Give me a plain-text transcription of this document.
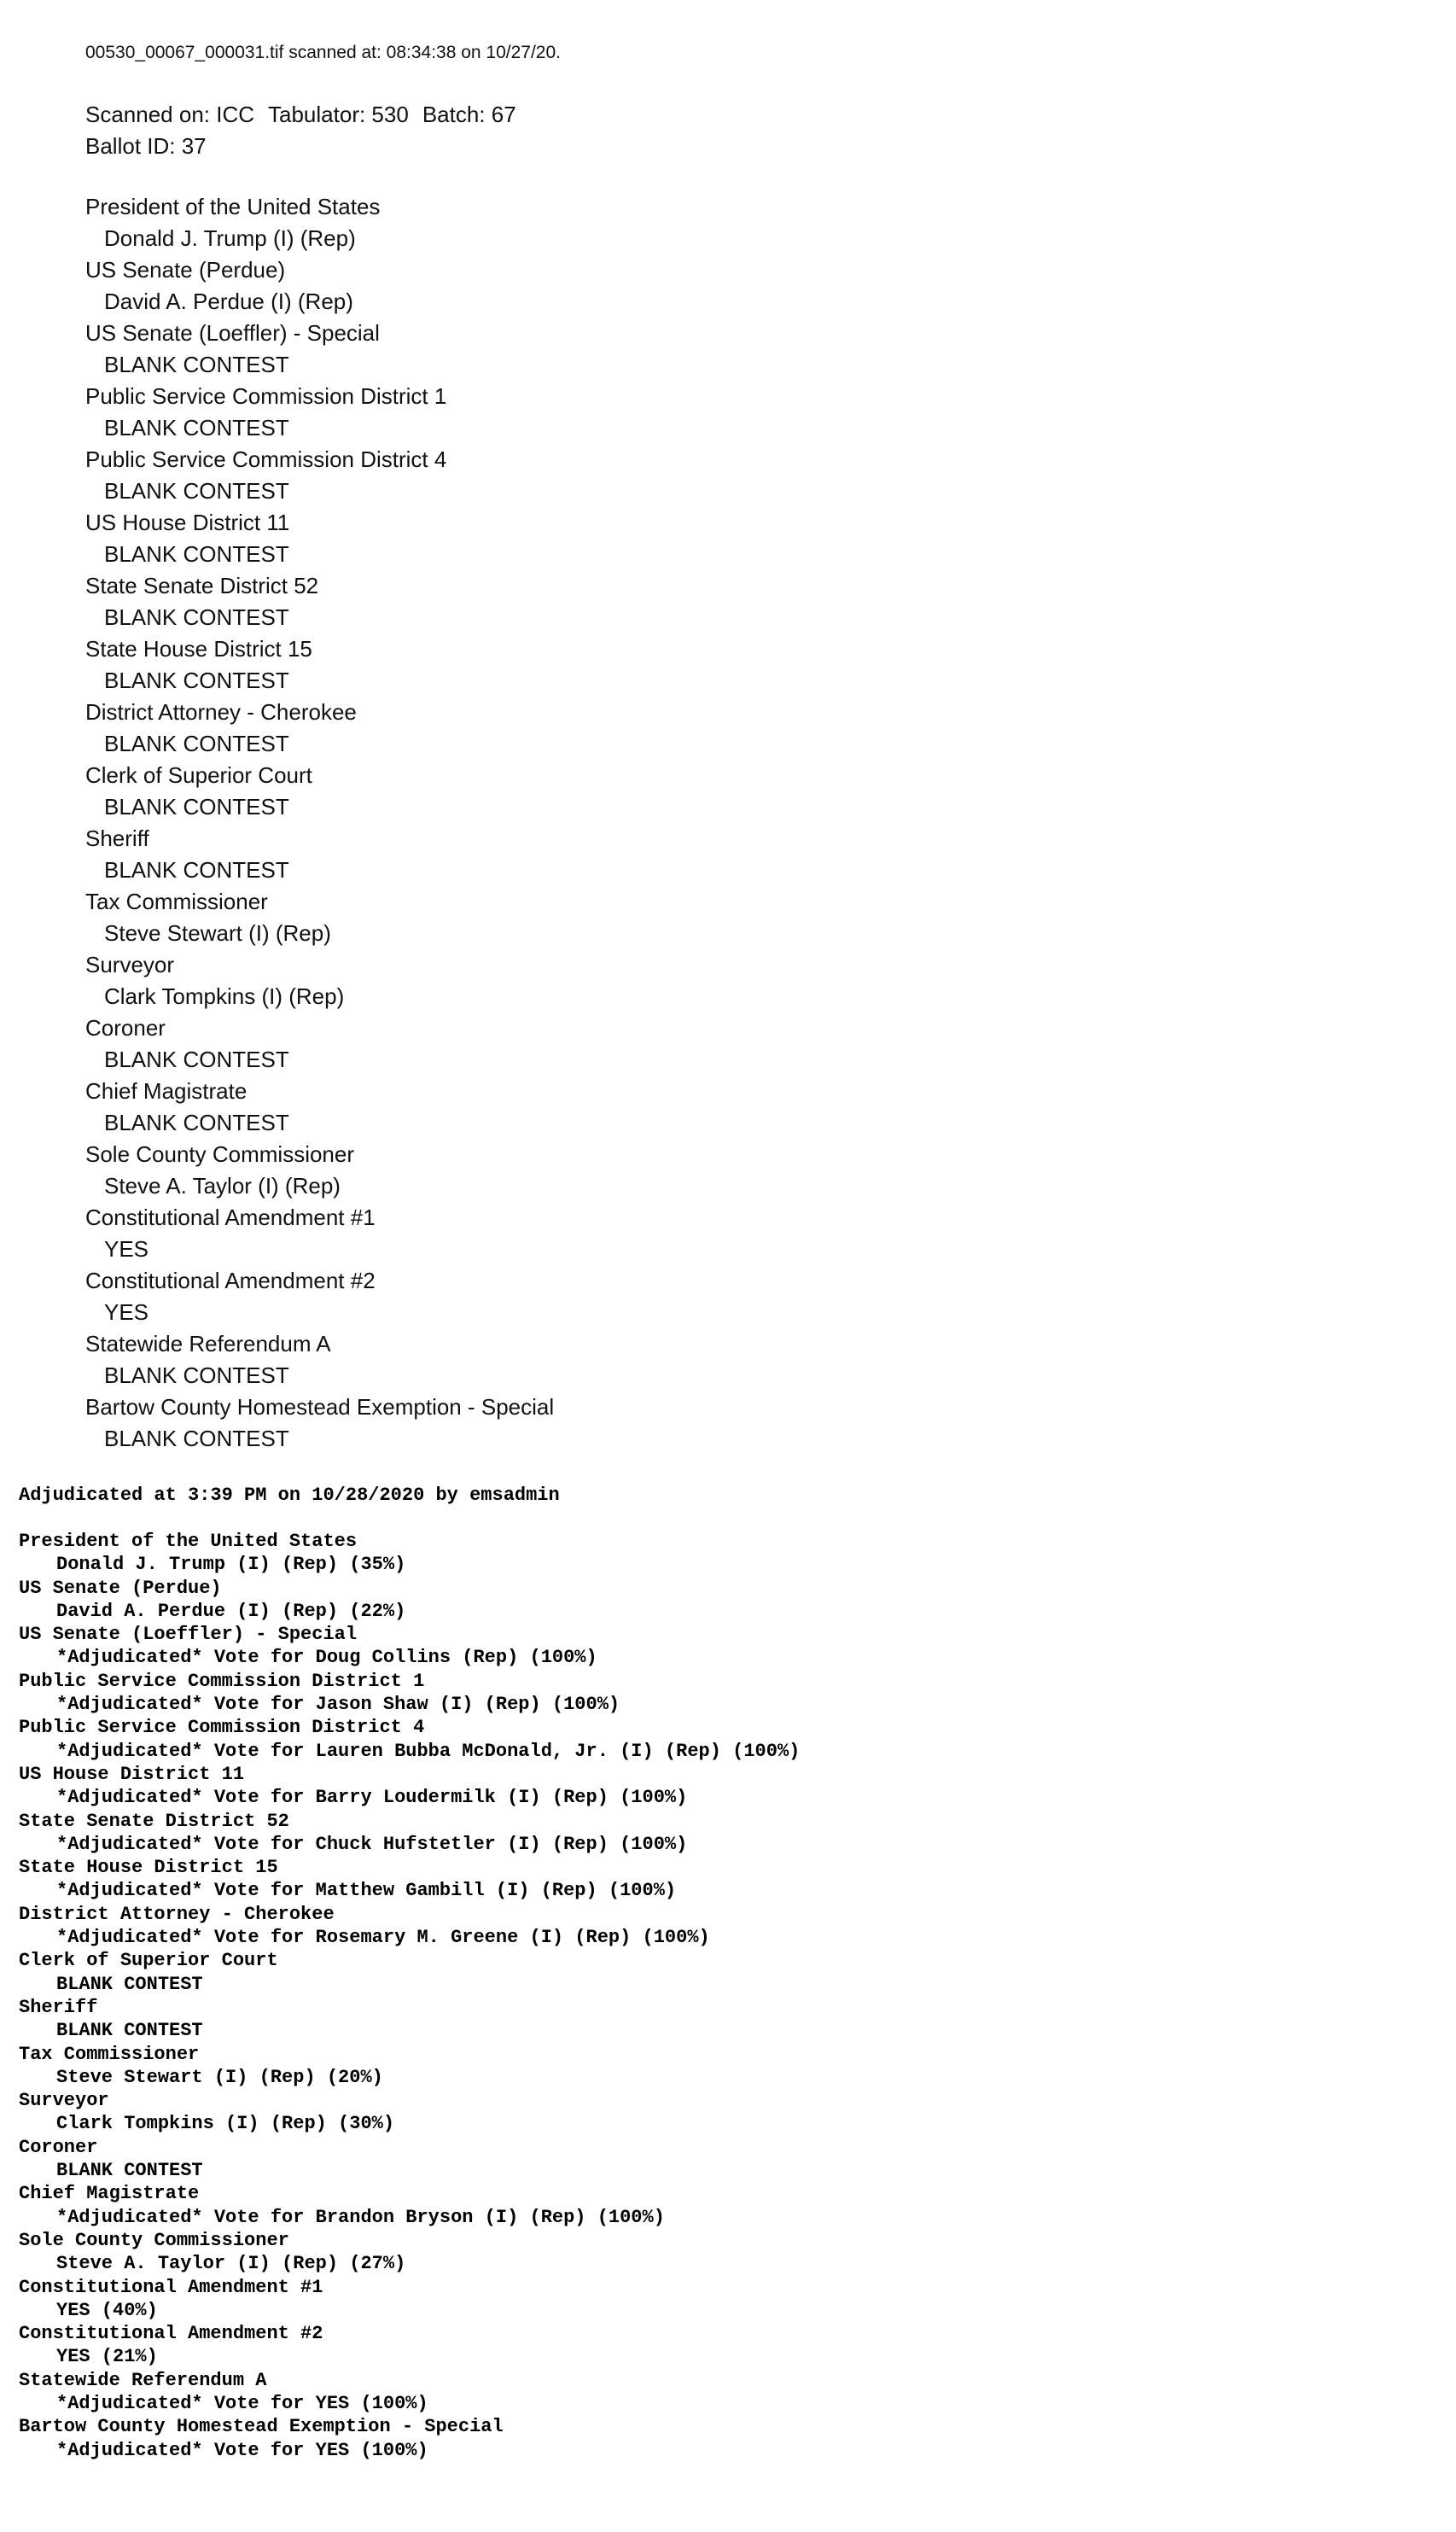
00530_00067_000031.tif scanned at: 08:34:38 on 10/27/20.
Scanned on: ICC Tabulator: 530 Batch: 67
Ballot ID: 37
President of the United States
Donald J. Trump (I) (Rep)
US Senate (Perdue)
David A. Perdue (I) (Rep)
US Senate (Loeffler) - Special
BLANK CONTEST
Public Service Commission District 1
BLANK CONTEST
Public Service Commission District 4
BLANK CONTEST
US House District 11
BLANK CONTEST
State Senate District 52
BLANK CONTEST
State House District 15
BLANK CONTEST
District Attorney - Cherokee
BLANK CONTEST
Clerk of Superior Court
BLANK CONTEST
Sheriff
BLANK CONTEST
Tax Commissioner
Steve Stewart (I) (Rep)
Surveyor
Clark Tompkins (I) (Rep)
Coroner
BLANK CONTEST
Chief Magistrate
BLANK CONTEST
Sole County Commissioner
Steve A. Taylor (I) (Rep)
Constitutional Amendment #1
YES
Constitutional Amendment #2
YES
Statewide Referendum A
BLANK CONTEST
Bartow County Homestead Exemption - Special
BLANK CONTEST
Adjudicated at 3:39 PM on 10/28/2020 by emsadmin
President of the United States
Donald J. Trump (I) (Rep) (35%)
US Senate (Perdue)
David A. Perdue (I) (Rep) (22%)
US Senate (Loeffler) - Special
*Adjudicated* Vote for Doug Collins (Rep) (100%)
Public Service Commission District 1
*Adjudicated* Vote for Jason Shaw (I) (Rep) (100%)
Public Service Commission District 4
*Adjudicated* Vote for Lauren Bubba McDonald, Jr. (I) (Rep) (100%)
US House District 11
*Adjudicated* Vote for Barry Loudermilk (I) (Rep) (100%)
State Senate District 52
*Adjudicated* Vote for Chuck Hufstetler (I) (Rep) (100%)
State House District 15
*Adjudicated* Vote for Matthew Gambill (I) (Rep) (100%)
District Attorney - Cherokee
*Adjudicated* Vote for Rosemary M. Greene (I) (Rep) (100%)
Clerk of Superior Court
BLANK CONTEST
Sheriff
BLANK CONTEST
Tax Commissioner
Steve Stewart (I) (Rep) (20%)
Surveyor
Clark Tompkins (I) (Rep) (30%)
Coroner
BLANK CONTEST
Chief Magistrate
*Adjudicated* Vote for Brandon Bryson (I) (Rep) (100%)
Sole County Commissioner
Steve A. Taylor (I) (Rep) (27%)
Constitutional Amendment #1
YES (40%)
Constitutional Amendment #2
YES (21%)
Statewide Referendum A
*Adjudicated* Vote for YES (100%)
Bartow County Homestead Exemption - Special
*Adjudicated* Vote for YES (100%)
